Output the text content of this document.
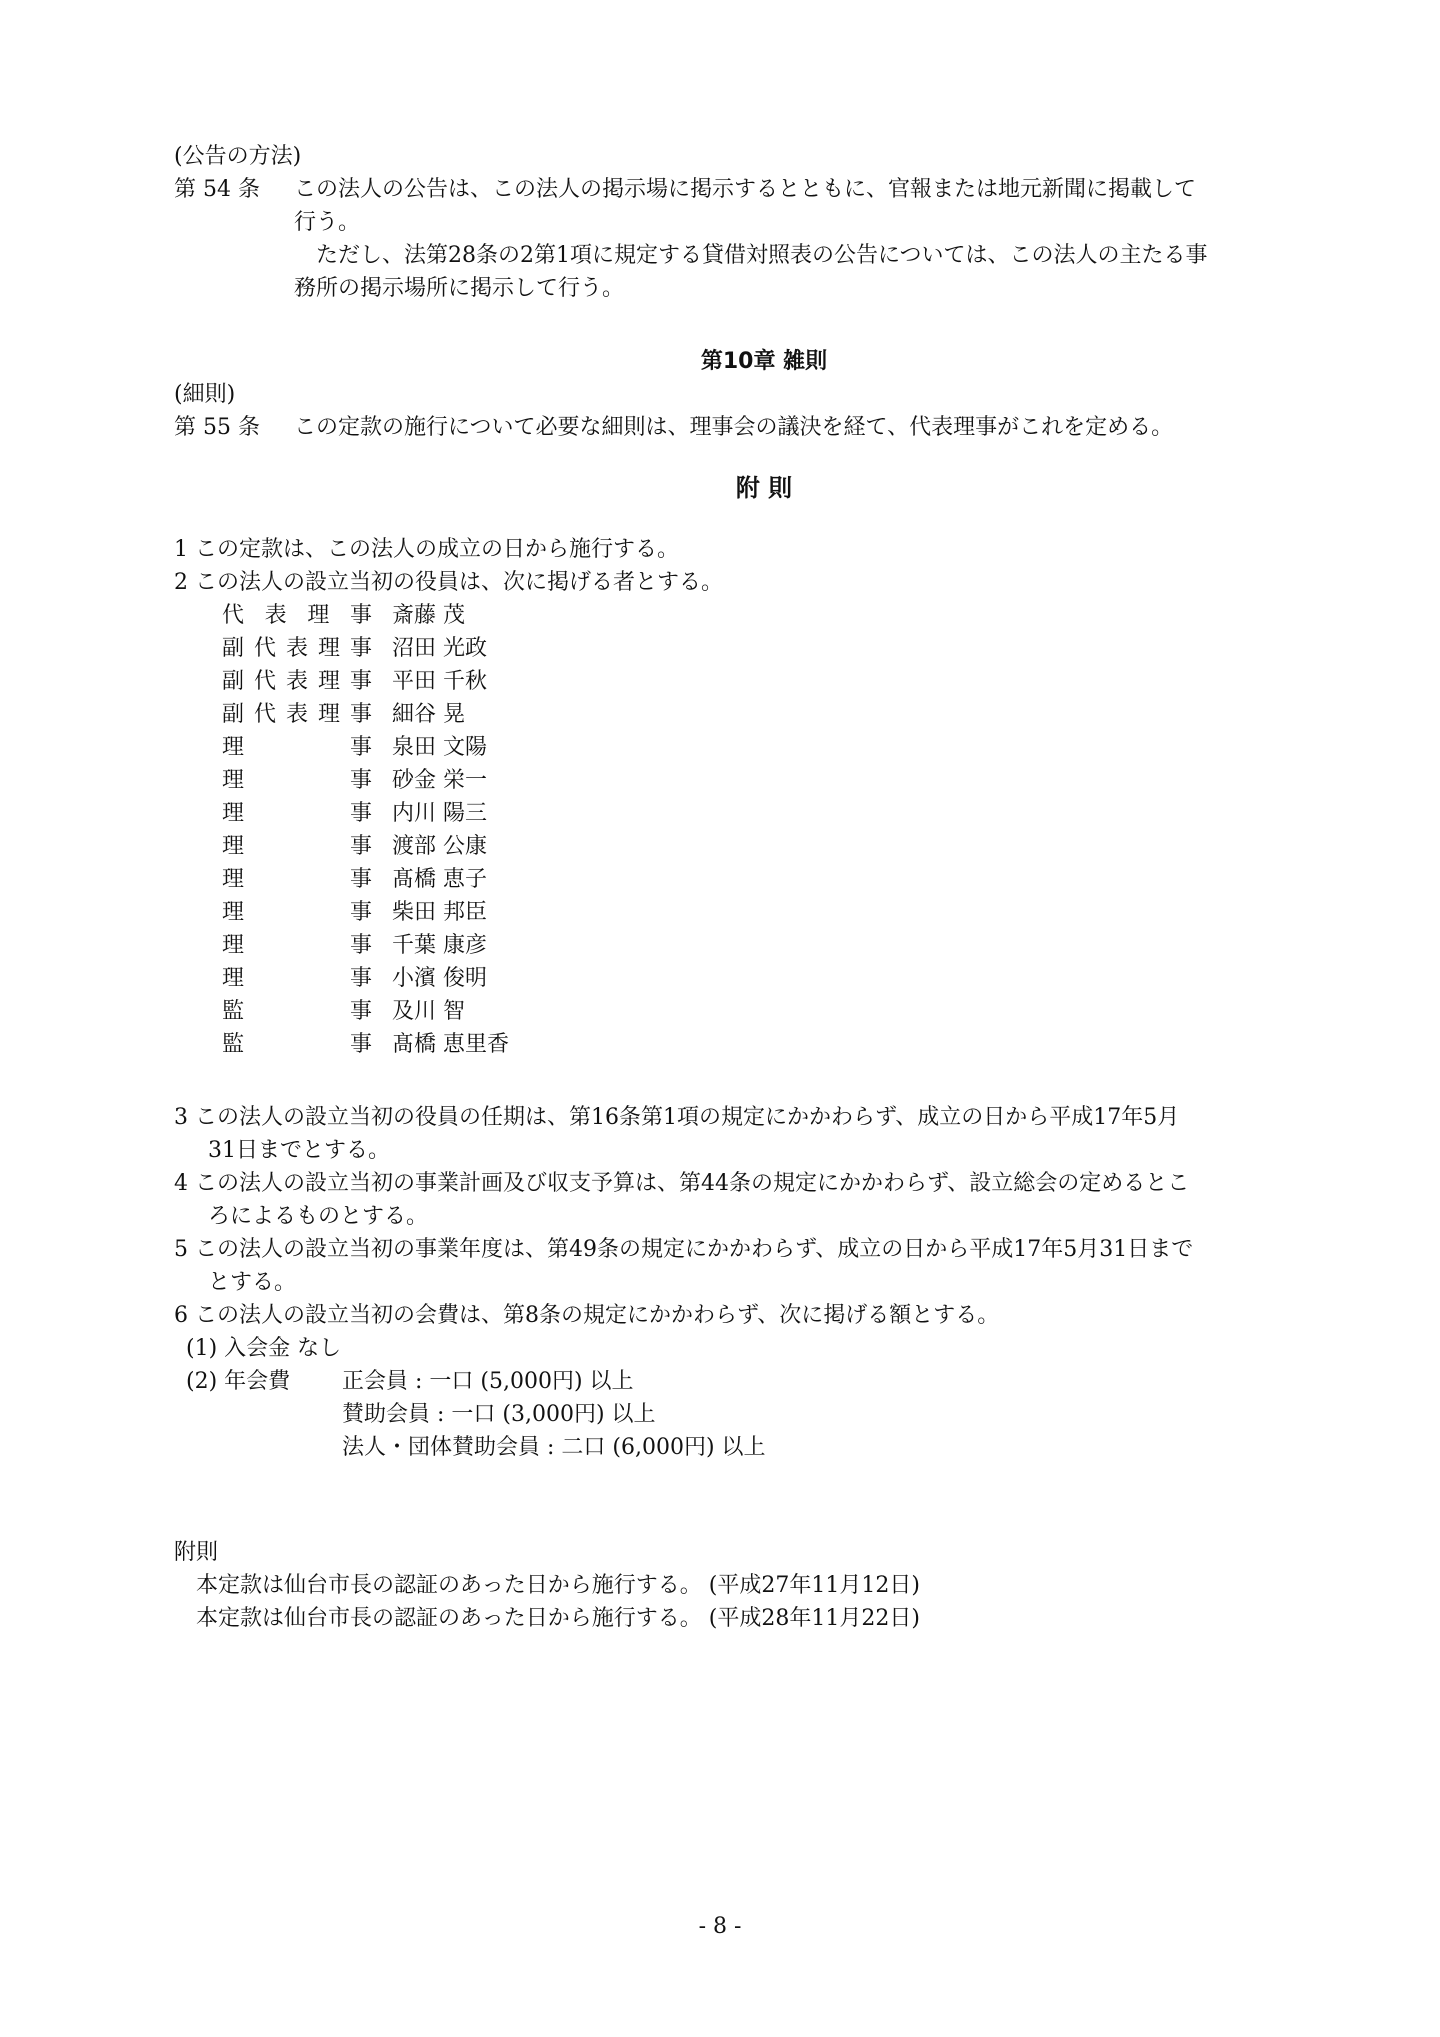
(公告の方法)
第 54 条 この法人の公告は、この法人の掲示場に掲示するとともに、官報または地元新聞に掲載して
行う。
ただし、法第28条の2第1項に規定する貸借対照表の公告については、この法人の主たる事
務所の掲示場所に掲示して行う。
第10章 雑則
(細則)
第 55 条 この定款の施行について必要な細則は、理事会の議決を経て、代表理事がこれを定める。
附 則
1 この定款は、この法人の成立の日から施行する。
2 この法人の設立当初の役員は、次に掲げる者とする。
代表理事 斎藤 茂
副代表理事 沼田 光政
副代表理事 平田 千秋
副代表理事 細谷 晃
理事 泉田 文陽
理事 砂金 栄一
理事 内川 陽三
理事 渡部 公康
理事 髙橋 恵子
理事 柴田 邦臣
理事 千葉 康彦
理事 小濱 俊明
監事 及川 智
監事 髙橋 恵里香
3 この法人の設立当初の役員の任期は、第16条第1項の規定にかかわらず、成立の日から平成17年5月
31日までとする。
4 この法人の設立当初の事業計画及び収支予算は、第44条の規定にかかわらず、設立総会の定めるとこ
ろによるものとする。
5 この法人の設立当初の事業年度は、第49条の規定にかかわらず、成立の日から平成17年5月31日まで
とする。
6 この法人の設立当初の会費は、第8条の規定にかかわらず、次に掲げる額とする。
(1) 入会金 なし
(2) 年会費	正会員 : 一口 (5,000円) 以上
賛助会員 : 一口 (3,000円) 以上
法人・団体賛助会員 : 二口 (6,000円) 以上
附則
本定款は仙台市長の認証のあった日から施行する。 (平成27年11月12日)
本定款は仙台市長の認証のあった日から施行する。 (平成28年11月22日)
- 8 -
